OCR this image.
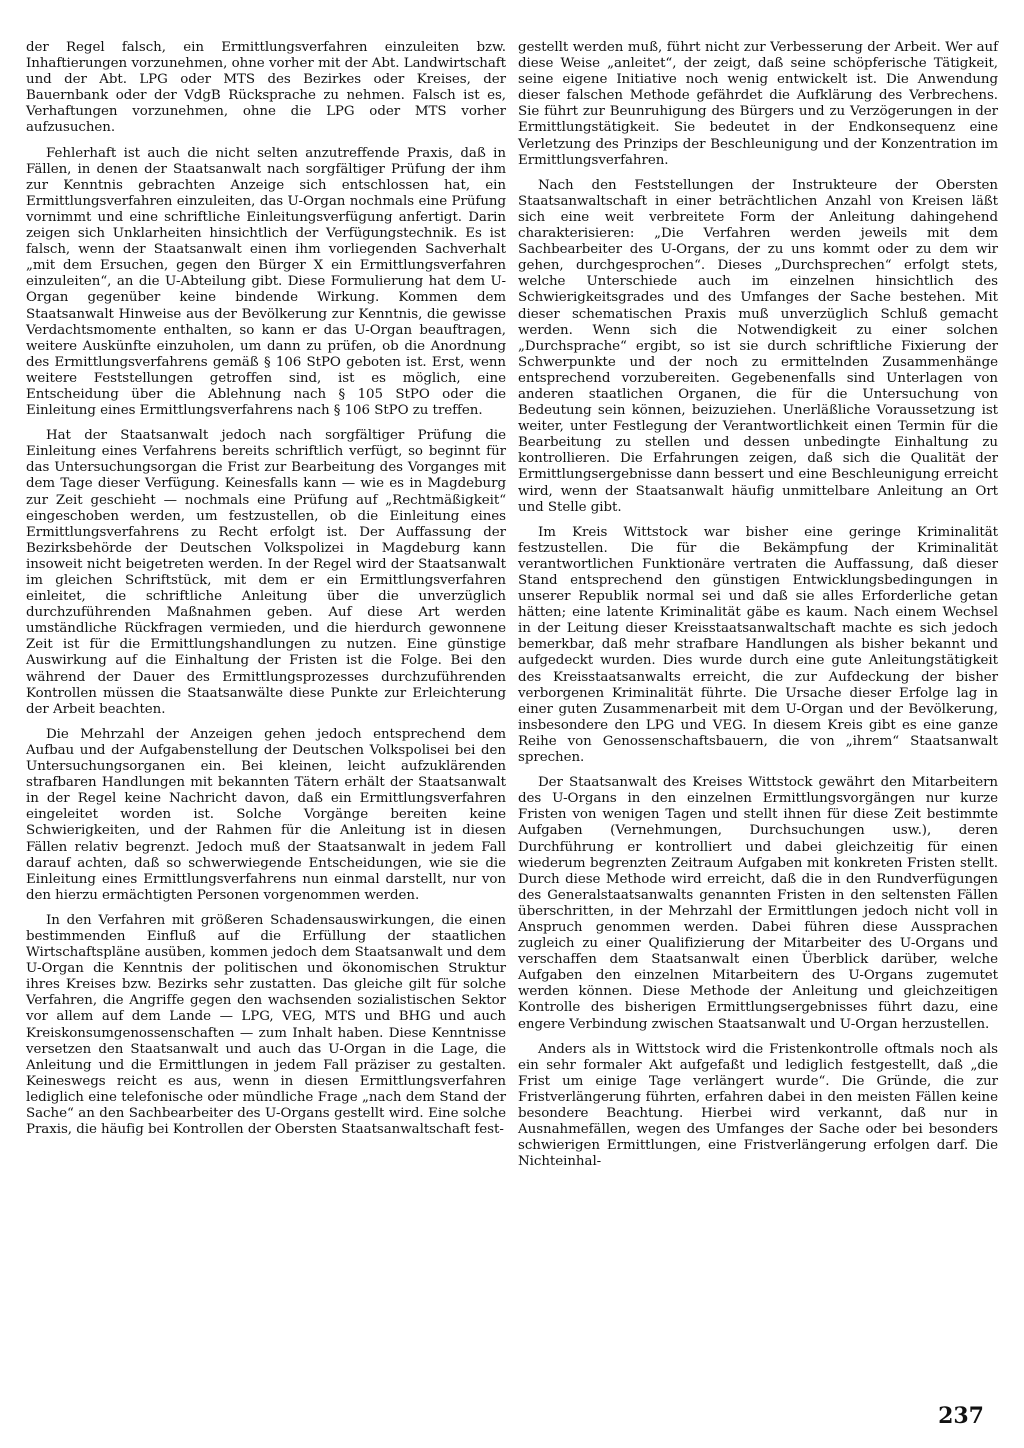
der Regel falsch, ein Ermittlungsverfahren einzuleiten bzw. Inhaftierungen vorzunehmen, ohne vorher mit der Abt. Landwirtschaft und der Abt. LPG oder MTS des Bezirkes oder Kreises, der Bauernbank oder der VdgB Rücksprache zu nehmen. Falsch ist es, Verhaftungen vorzunehmen, ohne die LPG oder MTS vorher aufzusuchen.

Fehlerhaft ist auch die nicht selten anzutreffende Praxis, daß in Fällen, in denen der Staatsanwalt nach sorgfältiger Prüfung der ihm zur Kenntnis gebrachten Anzeige sich entschlossen hat, ein Ermittlungsverfahren einzuleiten, das U-Organ nochmals eine Prüfung vornimmt und eine schriftliche Einleitungsverfügung anfertigt. Darin zeigen sich Unklarheiten hinsichtlich der Verfügungstechnik. Es ist falsch, wenn der Staatsanwalt einen ihm vorliegenden Sachverhalt „mit dem Ersuchen, gegen den Bürger X ein Ermittlungsverfahren einzuleiten“, an die U-Abteilung gibt. Diese Formulierung hat dem U-Organ gegenüber keine bindende Wirkung. Kommen dem Staatsanwalt Hinweise aus der Bevölkerung zur Kenntnis, die gewisse Verdachtsmomente enthalten, so kann er das U-Organ beauftragen, weitere Auskünfte einzuholen, um dann zu prüfen, ob die Anordnung des Ermittlungsverfahrens gemäß § 106 StPO geboten ist. Erst, wenn weitere Feststellungen getroffen sind, ist es möglich, eine Entscheidung über die Ablehnung nach § 105 StPO oder die Einleitung eines Ermittlungsverfahrens nach § 106 StPO zu treffen.

Hat der Staatsanwalt jedoch nach sorgfältiger Prüfung die Einleitung eines Verfahrens bereits schriftlich verfügt, so beginnt für das Untersuchungsorgan die Frist zur Bearbeitung des Vorganges mit dem Tage dieser Verfügung. Keinesfalls kann — wie es in Magdeburg zur Zeit geschieht — nochmals eine Prüfung auf „Rechtmäßigkeit“ eingeschoben werden, um festzustellen, ob die Einleitung eines Ermittlungsverfahrens zu Recht erfolgt ist. Der Auffassung der Bezirksbehörde der Deutschen Volkspolizei in Magdeburg kann insoweit nicht beigetreten werden. In der Regel wird der Staatsanwalt im gleichen Schriftstück, mit dem er ein Ermittlungsverfahren einleitet, die schriftliche Anleitung über die unverzüglich durchzuführenden Maßnahmen geben. Auf diese Art werden umständliche Rückfragen vermieden, und die hierdurch gewonnene Zeit ist für die Ermittlungshandlungen zu nutzen. Eine günstige Auswirkung auf die Einhaltung der Fristen ist die Folge. Bei den während der Dauer des Ermittlungsprozesses durchzuführenden Kontrollen müssen die Staatsanwälte diese Punkte zur Erleichterung der Arbeit beachten.

Die Mehrzahl der Anzeigen gehen jedoch entsprechend dem Aufbau und der Aufgabenstellung der Deutschen Volkspolisei bei den Untersuchungsorganen ein. Bei kleinen, leicht aufzuklärenden strafbaren Handlungen mit bekannten Tätern erhält der Staatsanwalt in der Regel keine Nachricht davon, daß ein Ermittlungsverfahren eingeleitet worden ist. Solche Vorgänge bereiten keine Schwierigkeiten, und der Rahmen für die Anleitung ist in diesen Fällen relativ begrenzt. Jedoch muß der Staatsanwalt in jedem Fall darauf achten, daß so schwerwiegende Entscheidungen, wie sie die Einleitung eines Ermittlungsverfahrens nun einmal darstellt, nur von den hierzu ermächtigten Personen vorgenommen werden.

In den Verfahren mit größeren Schadensauswirkungen, die einen bestimmenden Einfluß auf die Erfüllung der staatlichen Wirtschaftspläne ausüben, kommen jedoch dem Staatsanwalt und dem U-Organ die Kenntnis der politischen und ökonomischen Struktur ihres Kreises bzw. Bezirks sehr zustatten. Das gleiche gilt für solche Verfahren, die Angriffe gegen den wachsenden sozialistischen Sektor vor allem auf dem Lande — LPG, VEG, MTS und BHG und auch Kreiskonsumgenossenschaften — zum Inhalt haben. Diese Kenntnisse versetzen den Staatsanwalt und auch das U-Organ in die Lage, die Anleitung und die Ermittlungen in jedem Fall präziser zu gestalten. Keineswegs reicht es aus, wenn in diesen Ermittlungsverfahren lediglich eine telefonische oder mündliche Frage „nach dem Stand der Sache“ an den Sachbearbeiter des U-Organs gestellt wird. Eine solche Praxis, die häufig bei Kontrollen der Obersten Staatsanwaltschaft fest-

gestellt werden muß, führt nicht zur Verbesserung der Arbeit. Wer auf diese Weise „anleitet“, der zeigt, daß seine schöpferische Tätigkeit, seine eigene Initiative noch wenig entwickelt ist. Die Anwendung dieser falschen Methode gefährdet die Aufklärung des Verbrechens. Sie führt zur Beunruhigung des Bürgers und zu Verzögerungen in der Ermittlungstätigkeit. Sie bedeutet in der Endkonsequenz eine Verletzung des Prinzips der Beschleunigung und der Konzentration im Ermittlungsverfahren.

Nach den Feststellungen der Instrukteure der Obersten Staatsanwaltschaft in einer beträchtlichen Anzahl von Kreisen läßt sich eine weit verbreitete Form der Anleitung dahingehend charakterisieren: „Die Verfahren werden jeweils mit dem Sachbearbeiter des U-Organs, der zu uns kommt oder zu dem wir gehen, durchgesprochen“. Dieses „Durchsprechen“ erfolgt stets, welche Unterschiede auch im einzelnen hinsichtlich des Schwierigkeitsgrades und des Umfanges der Sache bestehen. Mit dieser schematischen Praxis muß unverzüglich Schluß gemacht werden. Wenn sich die Notwendigkeit zu einer solchen „Durchsprache“ ergibt, so ist sie durch schriftliche Fixierung der Schwerpunkte und der noch zu ermittelnden Zusammenhänge entsprechend vorzubereiten. Gegebenenfalls sind Unterlagen von anderen staatlichen Organen, die für die Untersuchung von Bedeutung sein können, beizuziehen. Unerläßliche Voraussetzung ist weiter, unter Festlegung der Verantwortlichkeit einen Termin für die Bearbeitung zu stellen und dessen unbedingte Einhaltung zu kontrollieren. Die Erfahrungen zeigen, daß sich die Qualität der Ermittlungsergebnisse dann bessert und eine Beschleunigung erreicht wird, wenn der Staatsanwalt häufig unmittelbare Anleitung an Ort und Stelle gibt.

Im Kreis Wittstock war bisher eine geringe Kriminalität festzustellen. Die für die Bekämpfung der Kriminalität verantwortlichen Funktionäre vertraten die Auffassung, daß dieser Stand entsprechend den günstigen Entwicklungsbedingungen in unserer Republik normal sei und daß sie alles Erforderliche getan hätten; eine latente Kriminalität gäbe es kaum. Nach einem Wechsel in der Leitung dieser Kreisstaatsanwaltschaft machte es sich jedoch bemerkbar, daß mehr strafbare Handlungen als bisher bekannt und aufgedeckt wurden. Dies wurde durch eine gute Anleitungstätigkeit des Kreisstaatsanwalts erreicht, die zur Aufdeckung der bisher verborgenen Kriminalität führte. Die Ursache dieser Erfolge lag in einer guten Zusammenarbeit mit dem U-Organ und der Bevölkerung, insbesondere den LPG und VEG. In diesem Kreis gibt es eine ganze Reihe von Genossenschaftsbauern, die von „ihrem“ Staatsanwalt sprechen.

Der Staatsanwalt des Kreises Wittstock gewährt den Mitarbeitern des U-Organs in den einzelnen Ermittlungsvorgängen nur kurze Fristen von wenigen Tagen und stellt ihnen für diese Zeit bestimmte Aufgaben (Vernehmungen, Durchsuchungen usw.), deren Durchführung er kontrolliert und dabei gleichzeitig für einen wiederum begrenzten Zeitraum Aufgaben mit konkreten Fristen stellt. Durch diese Methode wird erreicht, daß die in den Rundverfügungen des Generalstaatsanwalts genannten Fristen in den seltensten Fällen überschritten, in der Mehrzahl der Ermittlungen jedoch nicht voll in Anspruch genommen werden. Dabei führen diese Aussprachen zugleich zu einer Qualifizierung der Mitarbeiter des U-Organs und verschaffen dem Staatsanwalt einen Überblick darüber, welche Aufgaben den einzelnen Mitarbeitern des U-Organs zugemutet werden können. Diese Methode der Anleitung und gleichzeitigen Kontrolle des bisherigen Ermittlungsergebnisses führt dazu, eine engere Verbindung zwischen Staatsanwalt und U-Organ herzustellen.

Anders als in Wittstock wird die Fristenkontrolle oftmals noch als ein sehr formaler Akt aufgefaßt und lediglich festgestellt, daß „die Frist um einige Tage verlängert wurde“. Die Gründe, die zur Fristverlängerung führten, erfahren dabei in den meisten Fällen keine besondere Beachtung. Hierbei wird verkannt, daß nur in Ausnahmefällen, wegen des Umfanges der Sache oder bei besonders schwierigen Ermittlungen, eine Fristverlängerung erfolgen darf. Die Nichteinhal-

237
